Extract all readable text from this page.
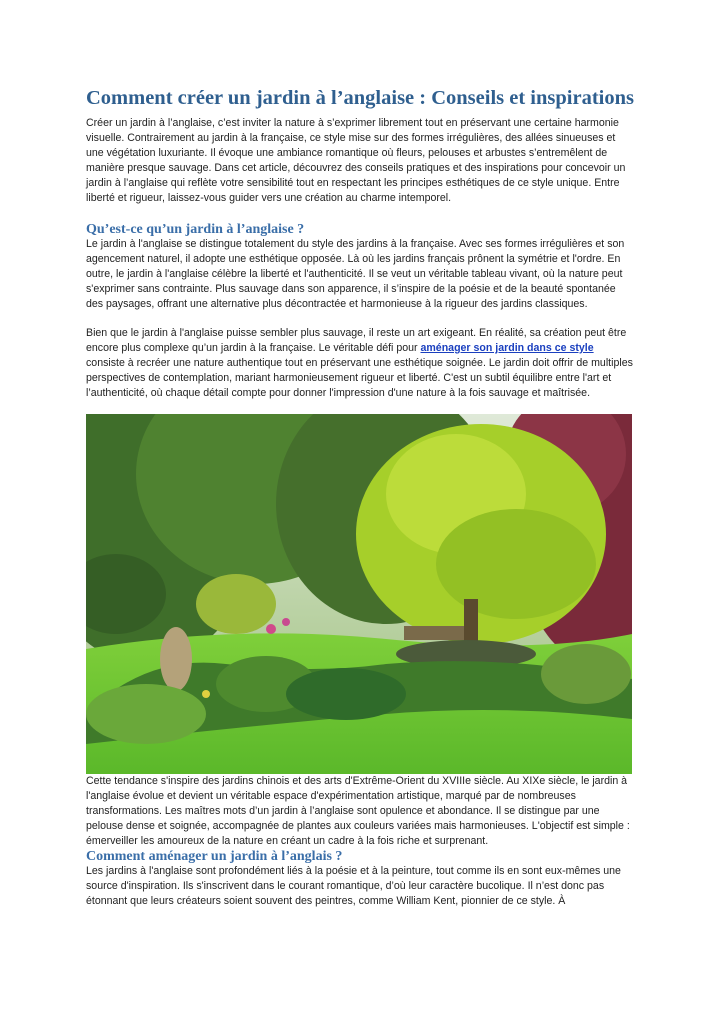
Comment créer un jardin à l’anglaise : Conseils et inspirations

Créer un jardin à l’anglaise, c’est inviter la nature à s’exprimer librement tout en préservant une certaine harmonie visuelle. Contrairement au jardin à la française, ce style mise sur des formes irrégulières, des allées sinueuses et une végétation luxuriante. Il évoque une ambiance romantique où fleurs, pelouses et arbustes s’entremêlent de manière presque sauvage. Dans cet article, découvrez des conseils pratiques et des inspirations pour concevoir un jardin à l’anglaise qui reflète votre sensibilité tout en respectant les principes esthétiques de ce style unique. Entre liberté et rigueur, laissez-vous guider vers une création au charme intemporel.

Qu’est-ce qu’un jardin à l’anglaise ?

Le jardin à l'anglaise se distingue totalement du style des jardins à la française. Avec ses formes irrégulières et son agencement naturel, il adopte une esthétique opposée. Là où les jardins français prônent la symétrie et l'ordre. En outre, le jardin à l'anglaise célèbre la liberté et l'authenticité. Il se veut un véritable tableau vivant, où la nature peut s'exprimer sans contrainte. Plus sauvage dans son apparence, il s’inspire de la poésie et de la beauté spontanée des paysages, offrant une alternative plus décontractée et harmonieuse à la rigueur des jardins classiques.

Bien que le jardin à l'anglaise puisse sembler plus sauvage, il reste un art exigeant. En réalité, sa création peut être encore plus complexe qu’un jardin à la française. Le véritable défi pour aménager son jardin dans ce style consiste à recréer une nature authentique tout en préservant une esthétique soignée. Le jardin doit offrir de multiples perspectives de contemplation, mariant harmonieusement rigueur et liberté. C'est un subtil équilibre entre l'art et l’authenticité, où chaque détail compte pour donner l'impression d'une nature à la fois sauvage et maîtrisée.

Cette tendance s'inspire des jardins chinois et des arts d'Extrême-Orient du XVIIIe siècle. Au XIXe siècle, le jardin à l'anglaise évolue et devient un véritable espace d'expérimentation artistique, marqué par de nombreuses transformations. Les maîtres mots d’un jardin à l’anglaise sont opulence et abondance. Il se distingue par une pelouse dense et soignée, accompagnée de plantes aux couleurs variées mais harmonieuses. L'objectif est simple : émerveiller les amoureux de la nature en créant un cadre à la fois riche et surprenant.

Comment aménager un jardin à l’anglais ?

Les jardins à l'anglaise sont profondément liés à la poésie et à la peinture, tout comme ils en sont eux-mêmes une source d'inspiration. Ils s'inscrivent dans le courant romantique, d’où leur caractère bucolique. Il n’est donc pas étonnant que leurs créateurs soient souvent des peintres, comme William Kent, pionnier de ce style. À
